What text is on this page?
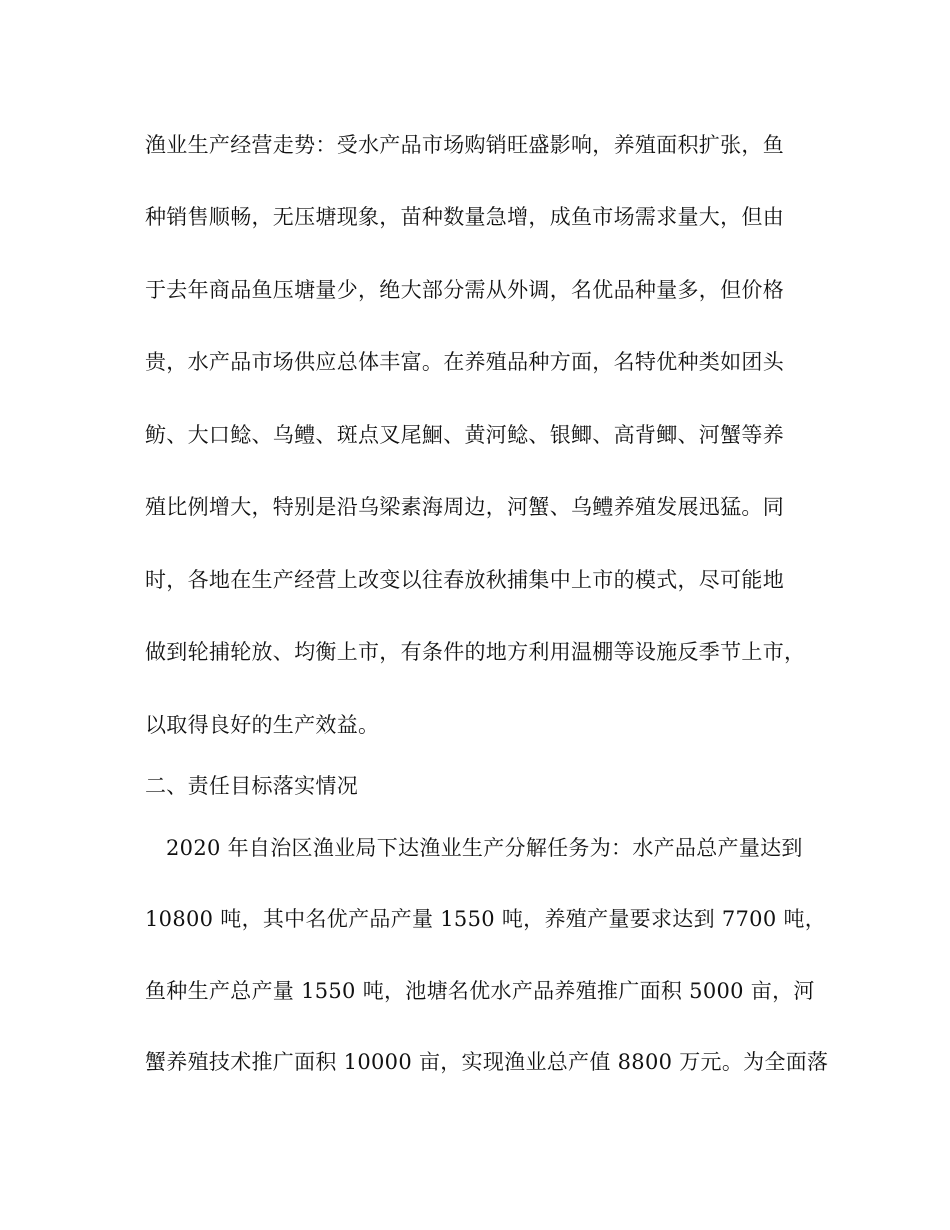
渔业生产经营走势：受水产品市场购销旺盛影响，养殖面积扩张，鱼
种销售顺畅，无压塘现象，苗种数量急增，成鱼市场需求量大，但由
于去年商品鱼压塘量少，绝大部分需从外调，名优品种量多，但价格
贵，水产品市场供应总体丰富。在养殖品种方面，名特优种类如团头
鲂、大口鲶、乌鳢、斑点叉尾鮰、黄河鲶、银鲫、高背鲫、河蟹等养
殖比例增大，特别是沿乌梁素海周边，河蟹、乌鳢养殖发展迅猛。同
时，各地在生产经营上改变以往春放秋捕集中上市的模式，尽可能地
做到轮捕轮放、均衡上市，有条件的地方利用温棚等设施反季节上市，
以取得良好的生产效益。
二、责任目标落实情况
2020 年自治区渔业局下达渔业生产分解任务为：水产品总产量达到
10800 吨，其中名优产品产量 1550 吨，养殖产量要求达到 7700 吨，
鱼种生产总产量 1550 吨，池塘名优水产品养殖推广面积 5000 亩，河
蟹养殖技术推广面积 10000 亩，实现渔业总产值 8800 万元。为全面落
